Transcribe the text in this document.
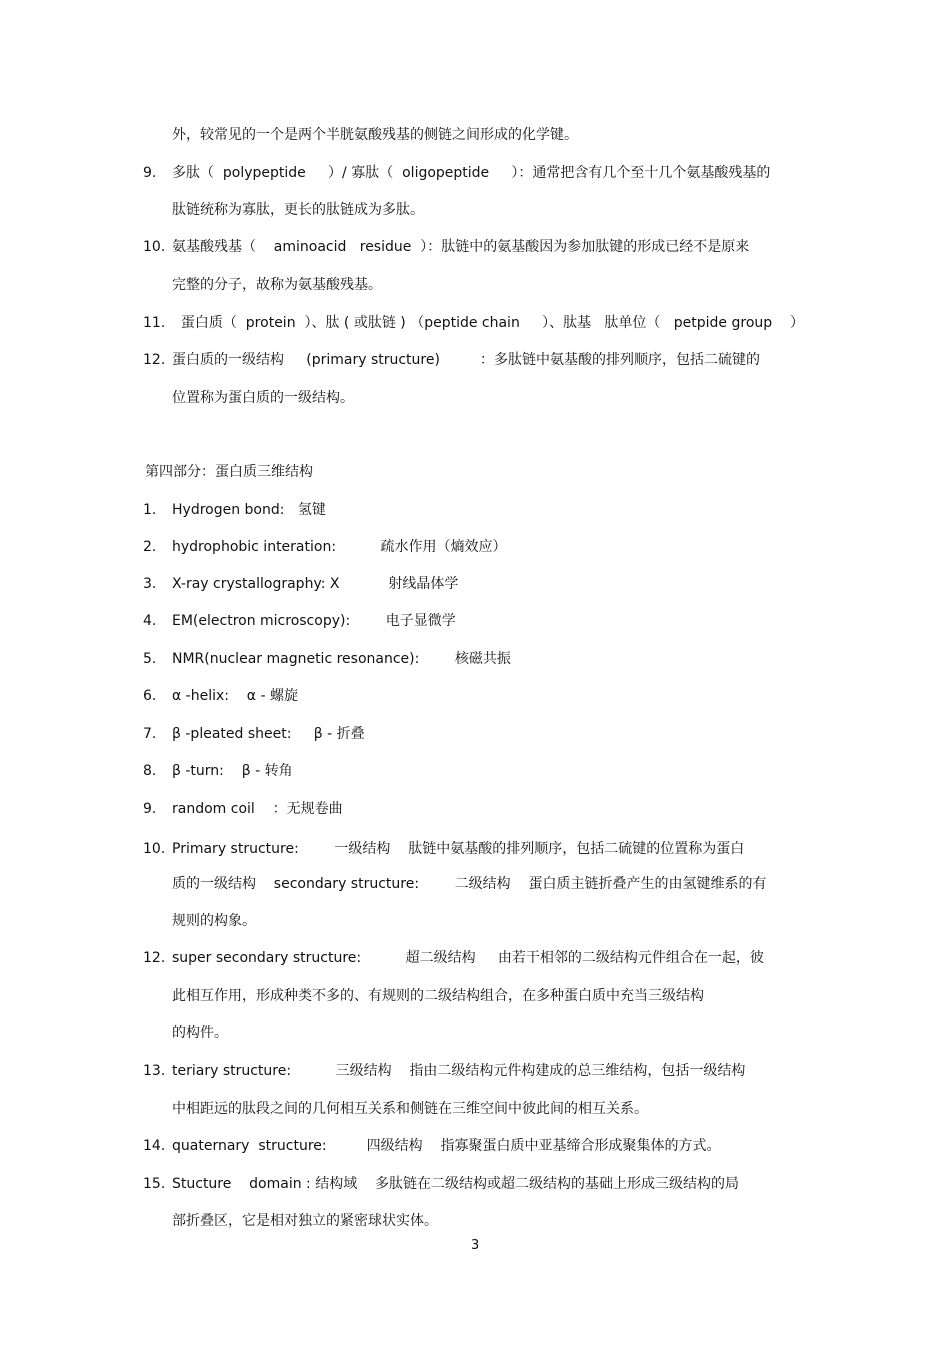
外，较常见的一个是两个半胱氨酸残基的侧链之间形成的化学键。
9. 多肽（  polypeptide     ）/ 寡肽（  oligopeptide     ）：通常把含有几个至十几个氨基酸残基的
肽链统称为寡肽，更长的肽链成为多肽。
10. 氨基酸残基（    aminoacid   residue  ）：肽链中的氨基酸因为参加肽键的形成已经不是原来
完整的分子，故称为氨基酸残基。
11. 蛋白质（  protein  ）、肽 ( 或肽链 ) （peptide chain     ）、肽基   肽单位（   petpide group    ）
12. 蛋白质的一级结构     (primary structure)         ：多肽链中氨基酸的排列顺序，包括二硫键的
位置称为蛋白质的一级结构。
第四部分：蛋白质三维结构
1. Hydrogen bond:   氢键
2. hydrophobic interation:          疏水作用（熵效应）
3. X-ray crystallography: X           射线晶体学
4. EM(electron microscopy):        电子显微学
5. NMR(nuclear magnetic resonance):        核磁共振
6. α -helix:    α - 螺旋
7. β -pleated sheet:     β - 折叠
8. β -turn:    β - 转角
9. random coil    ：无规卷曲
10. Primary structure:        一级结构    肽链中氨基酸的排列顺序，包括二硫键的位置称为蛋白
质的一级结构    secondary structure:        二级结构    蛋白质主链折叠产生的由氢键维系的有
规则的构象。
12. super secondary structure:          超二级结构     由若干相邻的二级结构元件组合在一起，彼
此相互作用，形成种类不多的、有规则的二级结构组合，在多种蛋白质中充当三级结构
的构件。
13. teriary structure:          三级结构    指由二级结构元件构建成的总三维结构，包括一级结构
中相距远的肽段之间的几何相互关系和侧链在三维空间中彼此间的相互关系。
14. quaternary  structure:         四级结构    指寡聚蛋白质中亚基缔合形成聚集体的方式。
15. Stucture    domain : 结构域    多肽链在二级结构或超二级结构的基础上形成三级结构的局
部折叠区，它是相对独立的紧密球状实体。
3
